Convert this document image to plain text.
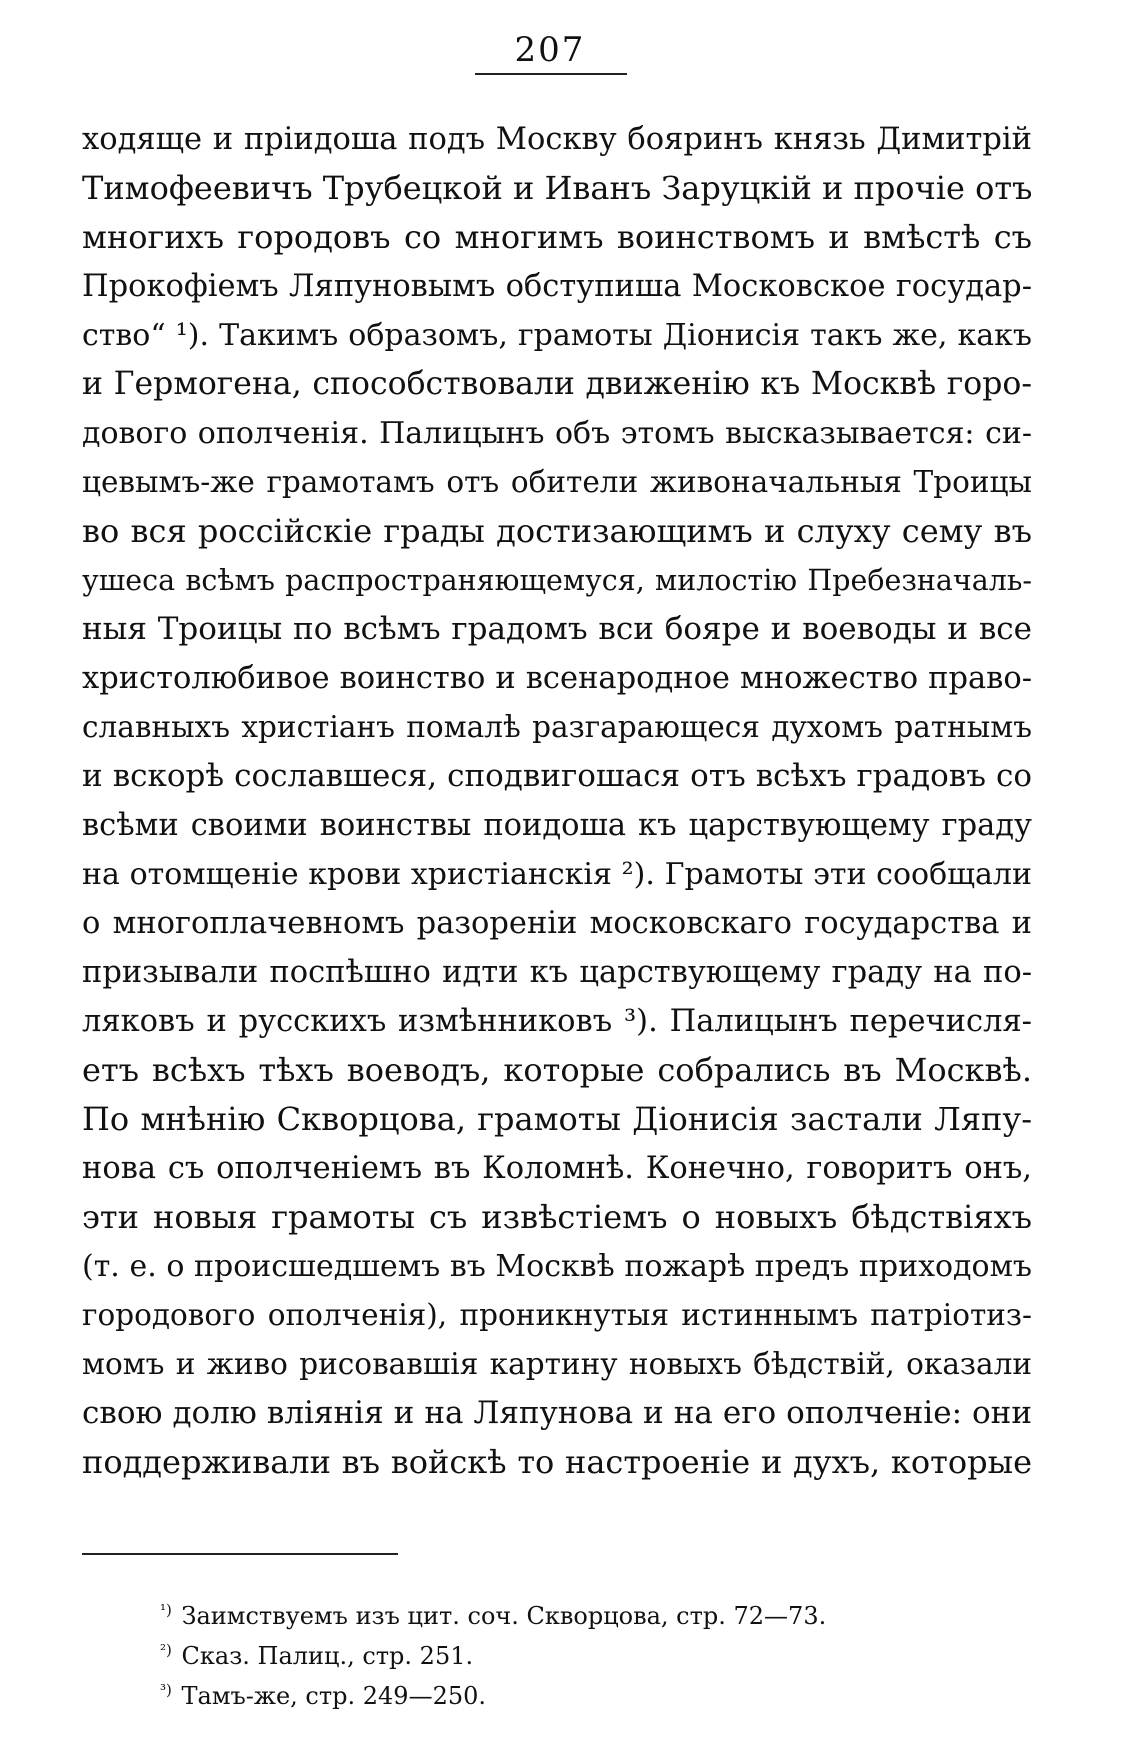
207
ходяще и пріидоша подъ Москву бояринъ князь Димитрій
Тимофеевичъ Трубецкой и Иванъ Заруцкій и прочіе отъ
многихъ городовъ со многимъ воинствомъ и вмѣстѣ съ
Прокофіемъ Ляпуновымъ обступиша Московское государ-
ство“ ¹). Такимъ образомъ, грамоты Діонисія такъ же, какъ
и Гермогена, способствовали движенію къ Москвѣ горо-
дового ополченія. Палицынъ объ этомъ высказывается: си-
цевымъ-же грамотамъ отъ обители живоначальныя Троицы
во вся россійскіе грады достизающимъ и слуху сему въ
ушеса всѣмъ распространяющемуся, милостію Пребезначаль-
ныя Троицы по всѣмъ градомъ вси бояре и воеводы и все
христолюбивое воинство и всенародное множество право-
славныхъ христіанъ помалѣ разгарающеся духомъ ратнымъ
и вскорѣ сославшеся, сподвигошася отъ всѣхъ градовъ со
всѣми своими воинствы поидоша къ царствующему граду
на отомщеніе крови христіанскія ²). Грамоты эти сообщали
о многоплачевномъ разореніи московскаго государства и
призывали поспѣшно идти къ царствующему граду на по-
ляковъ и русскихъ измѣнниковъ ³). Палицынъ перечисля-
етъ всѣхъ тѣхъ воеводъ, которые собрались въ Москвѣ.
По мнѣнію Скворцова, грамоты Діонисія застали Ляпу-
нова съ ополченіемъ въ Коломнѣ. Конечно, говоритъ онъ,
эти новыя грамоты съ извѣстіемъ о новыхъ бѣдствіяхъ
(т. е. о происшедшемъ въ Москвѣ пожарѣ предъ приходомъ
городового ополченія), проникнутыя истиннымъ патріотиз-
момъ и живо рисовавшія картину новыхъ бѣдствій, оказали
свою долю вліянія и на Ляпунова и на его ополченіе: они
поддерживали въ войскѣ то настроеніе и духъ, которые
$^{^1)}$ Заимствуемъ изъ цит. соч. Скворцова, стр. 72—73.
$^{^2)}$ Сказ. Палиц., стр. 251.
$^{^3)}$ Тамъ-же, стр. 249—250.
